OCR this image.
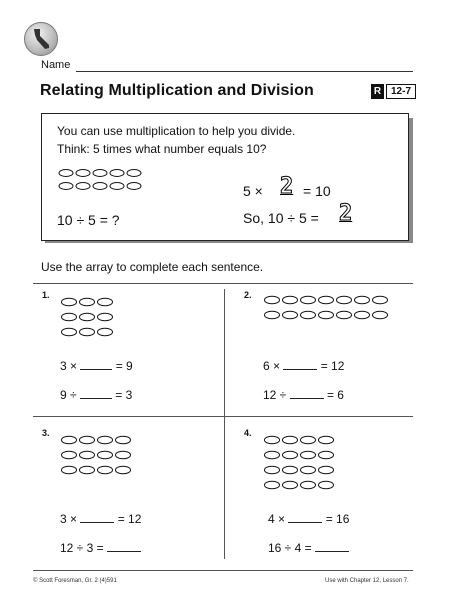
Name
Relating Multiplication and Division	R 12-7
You can use multiplication to help you divide.
Think: 5 times what number equals 10?
10 ÷ 5 = ?
5 × 2 = 10
So, 10 ÷ 5 = 2
Use the array to complete each sentence.
1.
3 ×	= 9
9 ÷	= 3
2.
6 ×	= 12
12 ÷	= 6
3.
3 ×	= 12
12 ÷ 3 =
4.
4 ×	= 16
16 ÷ 4 =
© Scott Foresman, Gr. 2 (4)591	Use with Chapter 12, Lesson 7.
